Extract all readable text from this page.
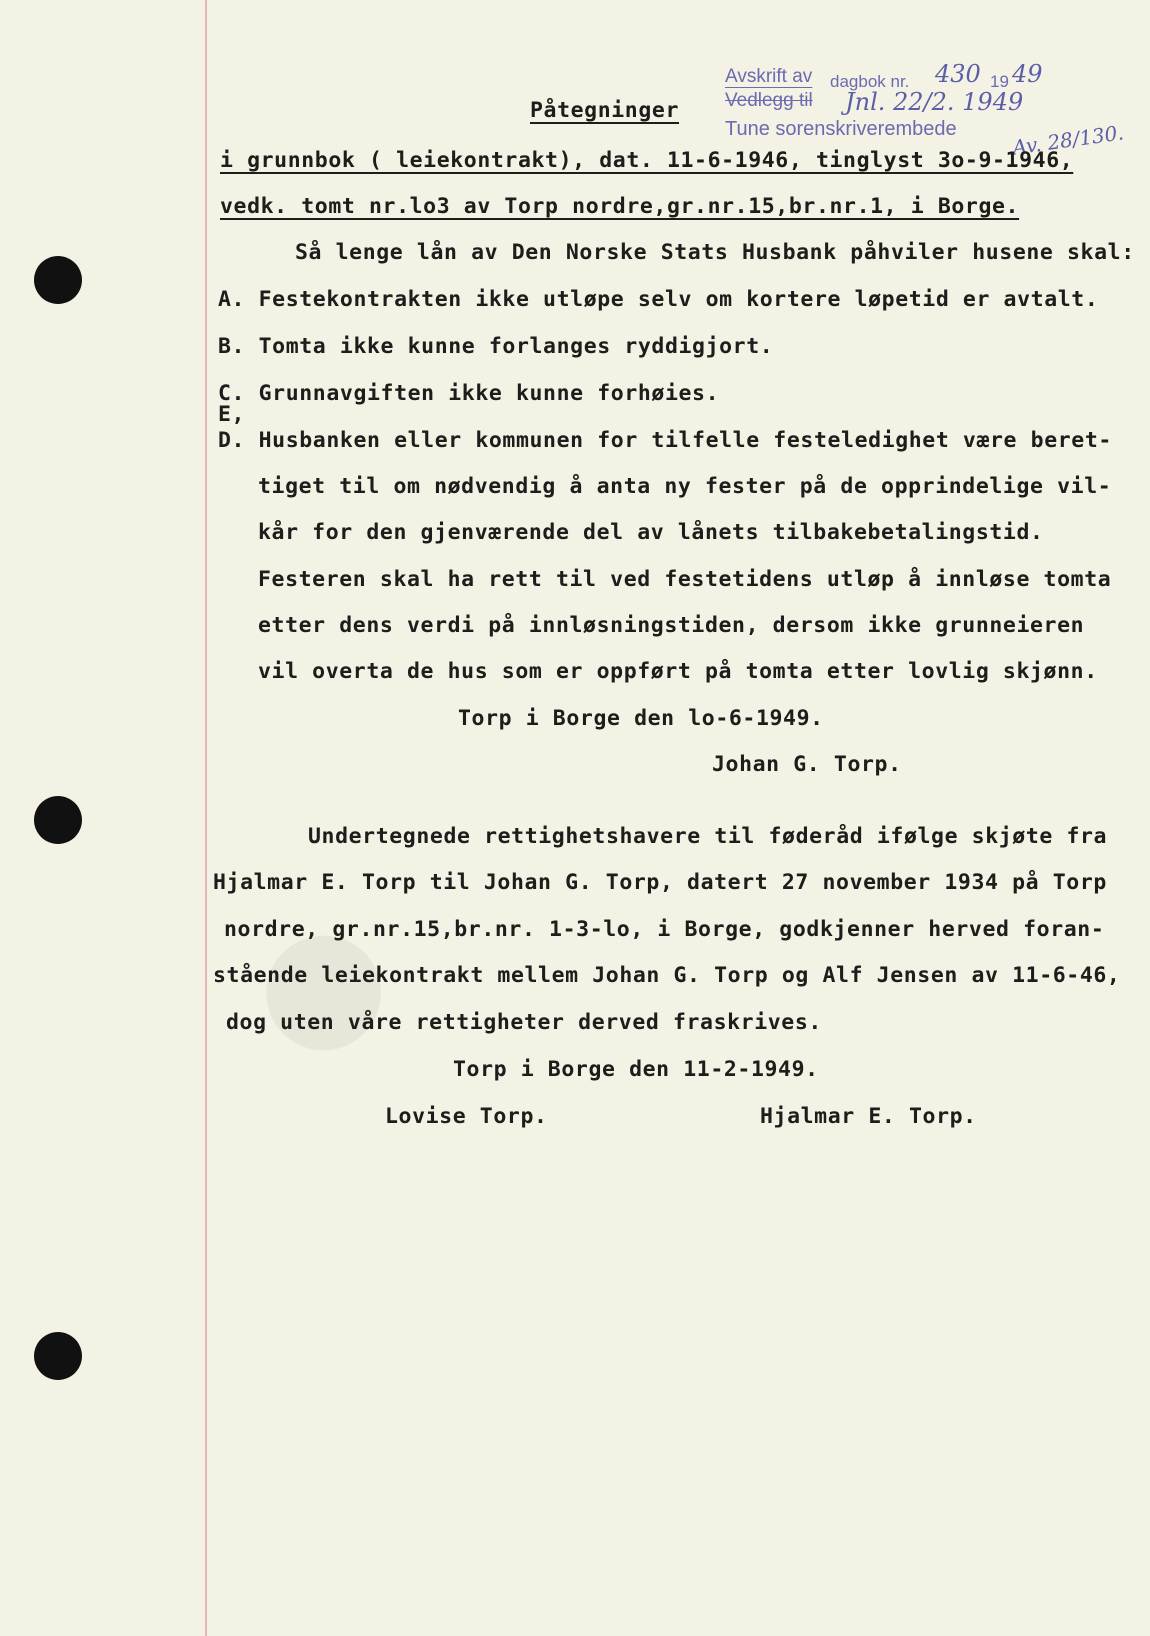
●
Avskrift av dagbok nr. 430 19 49
Vedlegg til Jnl. 22/2. 1949
Tune sorenskriverembede	Av. 28/130.
Påtegninger
i grunnbok ( leiekontrakt), dat. 11-6-1946, tinglyst 3o-9-1946,
vedk. tomt nr.lo3 av Torp nordre,gr.nr.15,br.nr.1, i Borge.
Så lenge lån av Den Norske Stats Husbank påhviler husene skal:
A. Festekontrakten ikke utløpe selv om kortere løpetid er avtalt.
B. Tomta ikke kunne forlanges ryddigjort.
C. Grunnavgiften ikke kunne forhøies.
E,
D. Husbanken eller kommunen for tilfelle festeledighet være beret-
tiget til om nødvendig å anta ny fester på de opprindelige vil-
kår for den gjenværende del av lånets tilbakebetalingstid.
Festeren skal ha rett til ved festetidens utløp å innløse tomta
etter dens verdi på innløsningstiden, dersom ikke grunneieren
vil overta de hus som er oppført på tomta etter lovlig skjønn.
Torp i Borge den lo-6-1949.
Johan G. Torp.
Undertegnede rettighetshavere til føderåd ifølge skjøte fra
Hjalmar E. Torp til Johan G. Torp, datert 27 november 1934 på Torp
nordre, gr.nr.15,br.nr. 1-3-lo, i Borge, godkjenner herved foran-
stående leiekontrakt mellem Johan G. Torp og Alf Jensen av 11-6-46,
dog uten våre rettigheter derved fraskrives.
Torp i Borge den 11-2-1949.
Lovise Torp.	Hjalmar E. Torp.
